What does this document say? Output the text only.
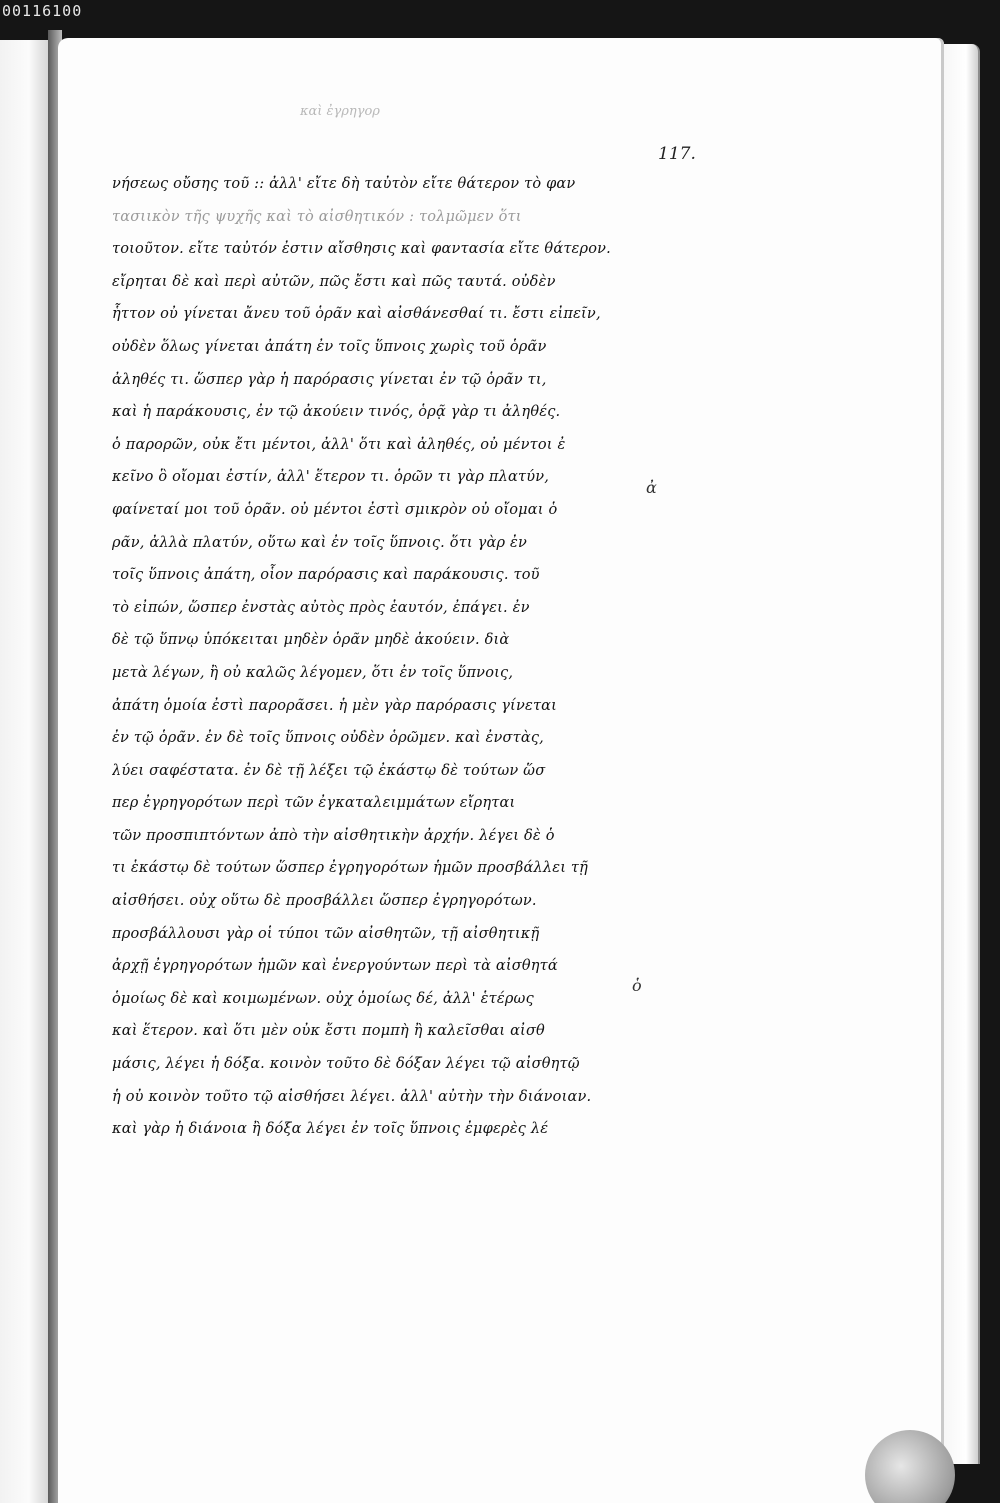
00116100
καὶ ἐγρηγορ
117.
νήσεως οὔσης τοῦ :: ἀλλ' εἴτε δὴ ταὐτὸν εἴτε θάτερον τὸ φαν
τασιικὸν τῆς ψυχῆς καὶ τὸ αἰσθητικόν : τολμῶμεν ὅτι
τοιοῦτον. εἴτε ταὐτόν ἐστιν αἴσθησις καὶ φαντασία εἴτε θάτερον.
εἴρηται δὲ καὶ περὶ αὐτῶν, πῶς ἔστι καὶ πῶς ταυτά. οὐδὲν
ἧττον οὐ γίνεται ἄνευ τοῦ ὁρᾶν καὶ αἰσθάνεσθαί τι. ἔστι εἰπεῖν,
οὐδὲν ὅλως γίνεται ἀπάτη ἐν τοῖς ὕπνοις χωρὶς τοῦ ὁρᾶν
ἀληθές τι. ὥσπερ γὰρ ἡ παρόρασις γίνεται ἐν τῷ ὁρᾶν τι,
καὶ ἡ παράκουσις, ἐν τῷ ἀκούειν τινός, ὁρᾷ γὰρ τι ἀληθές.
ὁ παρορῶν, οὐκ ἔτι μέντοι, ἀλλ' ὅτι καὶ ἀληθές, οὐ μέντοι ἐ
κεῖνο ὃ οἴομαι ἐστίν, ἀλλ' ἕτερον τι. ὁρῶν τι γὰρ πλατύν,
φαίνεταί μοι τοῦ ὁρᾶν. οὐ μέντοι ἐστὶ σμικρὸν οὐ οἴομαι ὁ
ρᾶν, ἀλλὰ πλατύν, οὕτω καὶ ἐν τοῖς ὕπνοις. ὅτι γὰρ ἐν
τοῖς ὕπνοις ἀπάτη, οἷον παρόρασις καὶ παράκουσις. τοῦ
τὸ εἰπών, ὥσπερ ἐνστὰς αὐτὸς πρὸς ἑαυτόν, ἐπάγει. ἐν
δὲ τῷ ὕπνῳ ὑπόκειται μηδὲν ὁρᾶν μηδὲ ἀκούειν. διὰ
μετὰ λέγων, ἢ οὐ καλῶς λέγομεν, ὅτι ἐν τοῖς ὕπνοις,
ἀπάτη ὁμοία ἐστὶ παρορᾶσει. ἡ μὲν γὰρ παρόρασις γίνεται
ἐν τῷ ὁρᾶν. ἐν δὲ τοῖς ὕπνοις οὐδὲν ὁρῶμεν. καὶ ἐνστὰς,
λύει σαφέστατα. ἐν δὲ τῇ λέξει τῷ ἐκάστῳ δὲ τούτων ὥσ
περ ἐγρηγορότων περὶ τῶν ἐγκαταλειμμάτων εἴρηται
τῶν προσπιπτόντων ἀπὸ τὴν αἰσθητικὴν ἀρχήν. λέγει δὲ ὁ
τι ἑκάστῳ δὲ τούτων ὥσπερ ἐγρηγορότων ἡμῶν προσβάλλει τῇ
αἰσθήσει. οὐχ οὕτω δὲ προσβάλλει ὥσπερ ἐγρηγορότων.
προσβάλλουσι γὰρ οἱ τύποι τῶν αἰσθητῶν, τῇ αἰσθητικῇ
ἀρχῇ ἐγρηγορότων ἡμῶν καὶ ἐνεργούντων περὶ τὰ αἰσθητά
ὁμοίως δὲ καὶ κοιμωμένων. οὐχ ὁμοίως δέ, ἀλλ' ἑτέρως
καὶ ἕτερον. καὶ ὅτι μὲν οὐκ ἔστι πομπὴ ἢ καλεῖσθαι αἰσθ
μάσις, λέγει ἡ δόξα. κοινὸν τοῦτο δὲ δόξαν λέγει τῷ αἰσθητῷ
ἡ οὐ κοινὸν τοῦτο τῷ αἰσθήσει λέγει. ἀλλ' αὐτὴν τὴν διάνοιαν.
καὶ γὰρ ἡ διάνοια ἢ δόξα λέγει ἐν τοῖς ὕπνοις ἐμφερὲς λέ
ἀ
ὁ
